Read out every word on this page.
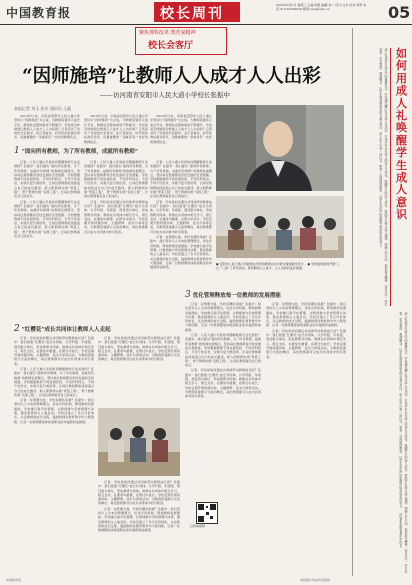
中国教育报	校长周刊
2024年6月5日 星期三 主编:李帆 编辑:刘一 设计:文米 校对:刘梦 电话:010-82296626 邮箱:xzzk@edu.cn	05
聚焦课程改革·教育家精神
校长会客厅
“因师施培”让教师人人成才人人出彩
——访河南省安阳市人民大道小学校长张振中
本报记者 刘玉 张庆 通讯员 王晶
● 安阳市人民大道小学教师在学科组教研活动中研讨课堂教学设计。 ● 学校组织教师开展“三心”“三能”工作坊活动，营造教师人人成才、人人出彩的良好氛围。
1 “面向所有教师，为了所有教师，成就所有教师”
2 “红樱花”成长共同体让教师人人走起
3 优化管理释放每一位教师的发展潜能

2014年以来，河南省安阳市人民大道小学坚持以“因师施培”为主线，为教师搭建多元成长平台，教师队伍整体素质不断提升。学校是怎样做到让教师人人成才人人出彩的？记者采访了该校校长张振中。在记者看来，好学校的标准有很多，但最重要的一条就是有一支好的教师队伍。

2014年以来，河南省安阳市人民大道小学坚持以“因师施培”为主线，为教师搭建多元成长平台，教师队伍整体素质不断提升。学校是怎样做到让教师人人成才人人出彩的？记者采访了该校校长张振中。在记者看来，好学校的标准有很多，但最重要的一条就是有一支好的教师队伍。

2014年以来，河南省安阳市人民大道小学坚持以“因师施培”为主线，为教师搭建多元成长平台，教师队伍整体素质不断提升。学校是怎样做到让教师人人成才人人出彩的？记者采访了该校校长张振中。在记者看来，好学校的标准有很多，但最重要的一条就是有一支好的教师队伍。

记者：人民大道小学是如何理解教师专业发展的？张振中：我们提出“面向所有教师，为了所有教师，成就所有教师”的教师发展理念，坚持每位教师都是学校发展的宝贵财富。学校根据教师不同发展阶段、不同学科特点、不同个性需求，实施分层分类培养，让每位教师都能找到适合自己的成长路径。新入职教师实施“青蓝工程”，骨干教师实施“名师工程”，让每位教师看见自己的成长。

记者：人民大道小学是如何理解教师专业发展的？张振中：我们提出“面向所有教师，为了所有教师，成就所有教师”的教师发展理念，坚持每位教师都是学校发展的宝贵财富。学校根据教师不同发展阶段、不同学科特点、不同个性需求，实施分层分类培养，让每位教师都能找到适合自己的成长路径。新入职教师实施“青蓝工程”，骨干教师实施“名师工程”，让每位教师看见自己的成长。

记者：人民大道小学是如何理解教师专业发展的？张振中：我们提出“面向所有教师，为了所有教师，成就所有教师”的教师发展理念，坚持每位教师都是学校发展的宝贵财富。学校根据教师不同发展阶段、不同学科特点、不同个性需求，实施分层分类培养，让每位教师都能找到适合自己的成长路径。新入职教师实施“青蓝工程”，骨干教师实施“名师工程”，让每位教师看见自己的成长。

记者：学校是如何通过共同体带动教师成长的？张振中：我们组建“红樱花”成长共同体，以学科组、年级组、项目组为单位，形成教研共同体。教师在共同体中相互学习、相互支持，在课堂中磨课，在研讨中成长。学校定期开展同课异构、主题研修、读书分享等活动，为教师搭建展示交流的舞台，每位教师都可以成为共同体中的引领者。

记者：人民大道小学是如何理解教师专业发展的？张振中：我们提出“面向所有教师，为了所有教师，成就所有教师”的教师发展理念，坚持每位教师都是学校发展的宝贵财富。学校根据教师不同发展阶段、不同学科特点、不同个性需求，实施分层分类培养，让每位教师都能找到适合自己的成长路径。新入职教师实施“青蓝工程”，骨干教师实施“名师工程”，让每位教师看见自己的成长。

记者：学校是如何通过共同体带动教师成长的？张振中：我们组建“红樱花”成长共同体，以学科组、年级组、项目组为单位，形成教研共同体。教师在共同体中相互学习、相互支持，在课堂中磨课，在研讨中成长。学校定期开展同课异构、主题研修、读书分享等活动，为教师搭建展示交流的舞台，每位教师都可以成为共同体中的引领者。

记者：在管理方面，学校有哪些举措？张振中：我们坚持以人为本的管理理念，优化评价机制，释放教师发展潜能。学校推行扁平化管理，让教师参与学校管理与决策，激发教师的主人翁意识。学校还建立了多元评价体系，关注教师的成长过程，鼓励教师在教育教学中大胆创新，让每一位教师都能体验到职业的幸福感和成就感。

记者：学校是如何通过共同体带动教师成长的？张振中：我们组建“红樱花”成长共同体，以学科组、年级组、项目组为单位，形成教研共同体。教师在共同体中相互学习、相互支持，在课堂中磨课，在研讨中成长。学校定期开展同课异构、主题研修、读书分享等活动，为教师搭建展示交流的舞台，每位教师都可以成为共同体中的引领者。

记者：人民大道小学是如何理解教师专业发展的？张振中：我们提出“面向所有教师，为了所有教师，成就所有教师”的教师发展理念，坚持每位教师都是学校发展的宝贵财富。学校根据教师不同发展阶段、不同学科特点、不同个性需求，实施分层分类培养，让每位教师都能找到适合自己的成长路径。新入职教师实施“青蓝工程”，骨干教师实施“名师工程”，让每位教师看见自己的成长。

记者：在管理方面，学校有哪些举措？张振中：我们坚持以人为本的管理理念，优化评价机制，释放教师发展潜能。学校推行扁平化管理，让教师参与学校管理与决策，激发教师的主人翁意识。学校还建立了多元评价体系，关注教师的成长过程，鼓励教师在教育教学中大胆创新，让每一位教师都能体验到职业的幸福感和成就感。

记者：学校是如何通过共同体带动教师成长的？张振中：我们组建“红樱花”成长共同体，以学科组、年级组、项目组为单位，形成教研共同体。教师在共同体中相互学习、相互支持，在课堂中磨课，在研讨中成长。学校定期开展同课异构、主题研修、读书分享等活动，为教师搭建展示交流的舞台，每位教师都可以成为共同体中的引领者。

记者：学校是如何通过共同体带动教师成长的？张振中：我们组建“红樱花”成长共同体，以学科组、年级组、项目组为单位，形成教研共同体。教师在共同体中相互学习、相互支持，在课堂中磨课，在研讨中成长。学校定期开展同课异构、主题研修、读书分享等活动，为教师搭建展示交流的舞台，每位教师都可以成为共同体中的引领者。

记者：在管理方面，学校有哪些举措？张振中：我们坚持以人为本的管理理念，优化评价机制，释放教师发展潜能。学校推行扁平化管理，让教师参与学校管理与决策，激发教师的主人翁意识。学校还建立了多元评价体系，关注教师的成长过程，鼓励教师在教育教学中大胆创新，让每一位教师都能体验到职业的幸福感和成就感。

记者：在管理方面，学校有哪些举措？张振中：我们坚持以人为本的管理理念，优化评价机制，释放教师发展潜能。学校推行扁平化管理，让教师参与学校管理与决策，激发教师的主人翁意识。学校还建立了多元评价体系，关注教师的成长过程，鼓励教师在教育教学中大胆创新，让每一位教师都能体验到职业的幸福感和成就感。

记者：人民大道小学是如何理解教师专业发展的？张振中：我们提出“面向所有教师，为了所有教师，成就所有教师”的教师发展理念，坚持每位教师都是学校发展的宝贵财富。学校根据教师不同发展阶段、不同学科特点、不同个性需求，实施分层分类培养，让每位教师都能找到适合自己的成长路径。新入职教师实施“青蓝工程”，骨干教师实施“名师工程”，让每位教师看见自己的成长。

记者：学校是如何通过共同体带动教师成长的？张振中：我们组建“红樱花”成长共同体，以学科组、年级组、项目组为单位，形成教研共同体。教师在共同体中相互学习、相互支持，在课堂中磨课，在研讨中成长。学校定期开展同课异构、主题研修、读书分享等活动，为教师搭建展示交流的舞台，每位教师都可以成为共同体中的引领者。

记者：在管理方面，学校有哪些举措？张振中：我们坚持以人为本的管理理念，优化评价机制，释放教师发展潜能。学校推行扁平化管理，让教师参与学校管理与决策，激发教师的主人翁意识。学校还建立了多元评价体系，关注教师的成长过程，鼓励教师在教育教学中大胆创新，让每一位教师都能体验到职业的幸福感和成就感。

记者：学校是如何通过共同体带动教师成长的？张振中：我们组建“红樱花”成长共同体，以学科组、年级组、项目组为单位，形成教研共同体。教师在共同体中相互学习、相互支持，在课堂中磨课，在研讨中成长。学校定期开展同课异构、主题研修、读书分享等活动，为教师搭建展示交流的舞台，每位教师都可以成为共同体中的引领者。

扫码看视频
如何用成人礼唤醒学生成人意识
成人礼是学生成长中的重要仪式。学校通过精心设计成人礼活动，引导学生认识成人的意义与责任，唤醒学生的成人意识，帮助学生树立远大理想，明确人生方向，培养担当精神。在仪式中，学生宣誓、家长寄语、教师赠言，让学生感受到成长的分量与责任。成人礼不只是一场仪式，更是一次深刻的教育，让学生在庄严的氛围中体会成长的意义。
成人礼是学生成长中的重要仪式。学校通过精心设计成人礼活动，引导学生认识成人的意义与责任，唤醒学生的成人意识，帮助学生树立远大理想，明确人生方向，培养担当精神。在仪式中，学生宣誓、家长寄语、教师赠言，让学生感受到成长的分量与责任。成人礼不只是一场仪式，更是一次深刻的教育，让学生在庄严的氛围中体会成长的意义。 （作者系安徽省某中学校长）
中国教育报	本版图片均由学校提供
